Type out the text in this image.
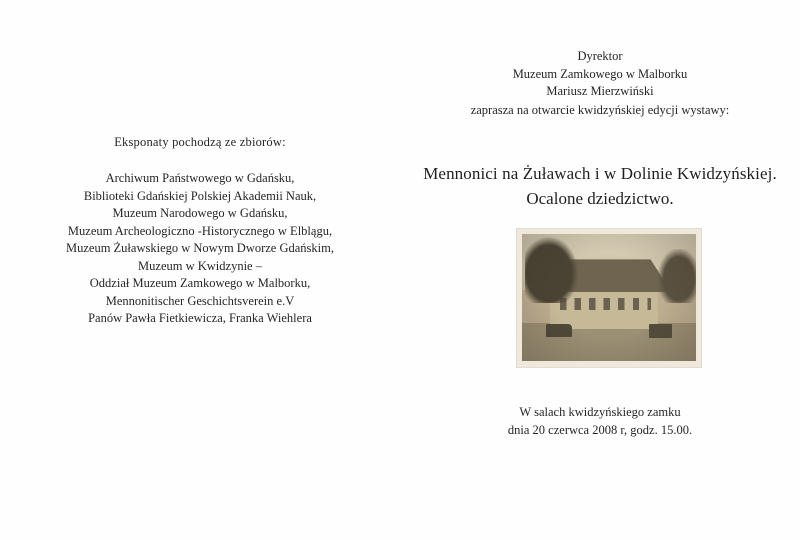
Eksponaty pochodzą ze zbiorów:
Archiwum Państwowego w Gdańsku,
Biblioteki Gdańskiej Polskiej Akademii Nauk,
Muzeum Narodowego w Gdańsku,
Muzeum Archeologiczno -Historycznego w Elblągu,
Muzeum Żuławskiego w Nowym Dworze Gdańskim,
Muzeum w Kwidzynie –
Oddział Muzeum Zamkowego w Malborku,
Mennonitischer Geschichtsverein e.V
Panów Pawła Fietkiewicza, Franka Wiehlera
Dyrektor
Muzeum Zamkowego w Malborku
Mariusz Mierzwiński
zaprasza na otwarcie kwidzyńskiej edycji wystawy:
Mennonici na Żuławach i w Dolinie Kwidzyńskiej.
Ocalone dziedzictwo.
W salach kwidzyńskiego zamku
dnia 20 czerwca 2008 r, godz. 15.00.
